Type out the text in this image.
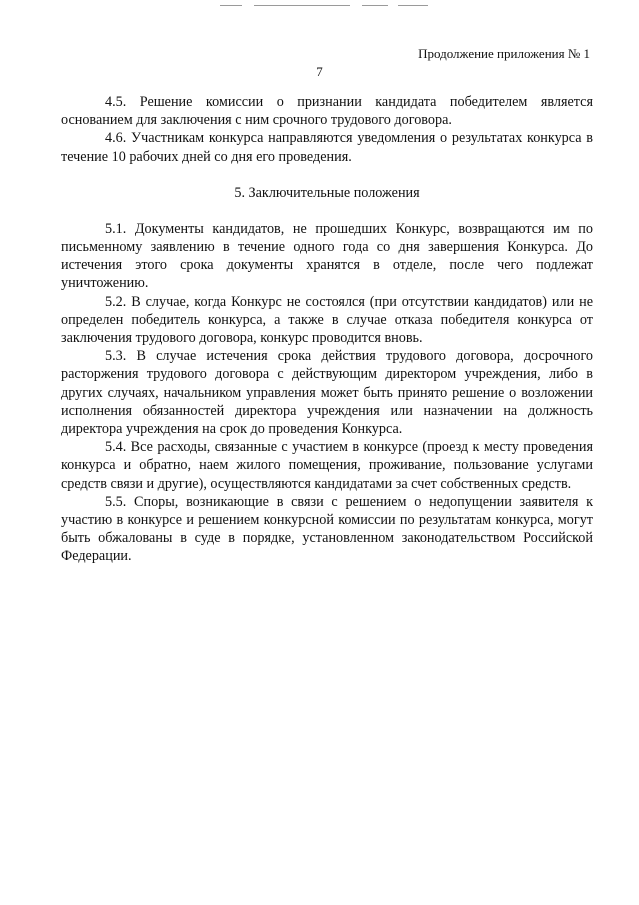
Продолжение приложения № 1
7

4.5. Решение комиссии о признании кандидата победителем является основанием для заключения с ним срочного трудового договора.

4.6. Участникам конкурса направляются уведомления о результатах конкурса в течение 10 рабочих дней со дня его проведения.

5. Заключительные положения

5.1. Документы кандидатов, не прошедших Конкурс, возвращаются им по письменному заявлению в течение одного года со дня завершения Конкурса. До истечения этого срока документы хранятся в отделе, после чего подлежат уничтожению.

5.2. В случае, когда Конкурс не состоялся (при отсутствии кандидатов) или не определен победитель конкурса, а также в случае отказа победителя конкурса от заключения трудового договора, конкурс проводится вновь.

5.3. В случае истечения срока действия трудового договора, досрочного расторжения трудового договора с действующим директором учреждения, либо в других случаях, начальником управления может быть принято решение о возложении исполнения обязанностей директора учреждения или назначении на должность директора учреждения на срок до проведения Конкурса.

5.4. Все расходы, связанные с участием в конкурсе (проезд к месту проведения конкурса и обратно, наем жилого помещения, проживание, пользование услугами средств связи и другие), осуществляются кандидатами за счет собственных средств.

5.5. Споры, возникающие в связи с решением о недопущении заявителя к участию в конкурсе и решением конкурсной комиссии по результатам конкурса, могут быть обжалованы в суде в порядке, установленном законодательством Российской Федерации.
